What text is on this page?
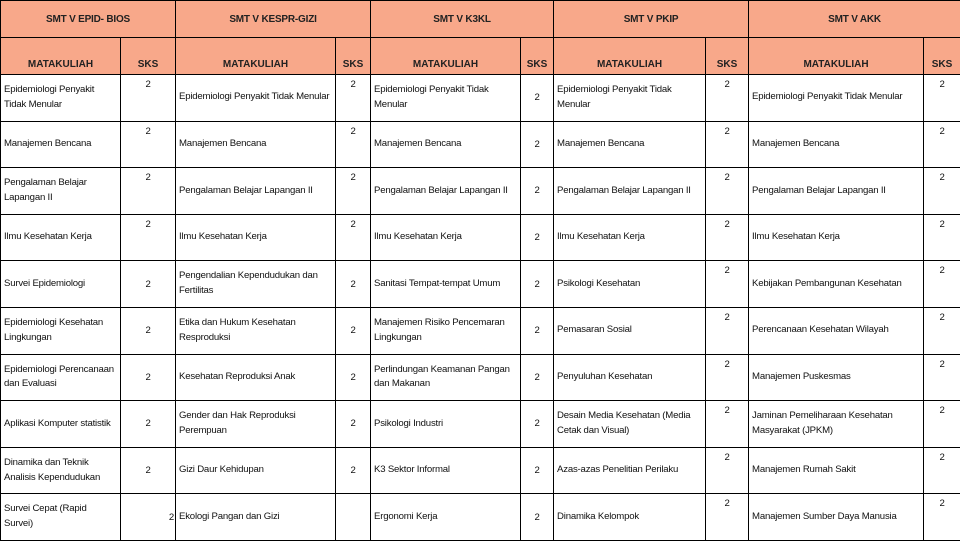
SMT V EPID- BIOS		SMT V KESPR-GIZI		SMT V K3KL		SMT V PKIP		SMT V AKK	
MATAKULIAH	SKS	MATAKULIAH	SKS	MATAKULIAH	SKS	MATAKULIAH	SKS	MATAKULIAH	SKS
Epidemiologi Penyakit Tidak Menular	2	Epidemiologi Penyakit Tidak Menular	2	Epidemiologi Penyakit Tidak Menular	2	Epidemiologi Penyakit Tidak Menular	2	Epidemiologi Penyakit Tidak Menular	2
Manajemen Bencana	2	Manajemen Bencana	2	Manajemen Bencana	2	Manajemen Bencana	2	Manajemen Bencana	2
Pengalaman Belajar Lapangan II	2	Pengalaman Belajar Lapangan II	2	Pengalaman Belajar Lapangan II	2	Pengalaman Belajar Lapangan II	2	Pengalaman Belajar Lapangan II	2
Ilmu Kesehatan Kerja	2	Ilmu Kesehatan Kerja	2	Ilmu Kesehatan Kerja	2	Ilmu Kesehatan Kerja	2	Ilmu Kesehatan Kerja	2
Survei Epidemiologi	2	Pengendalian Kependudukan dan Fertilitas	2	Sanitasi Tempat-tempat Umum	2	Psikologi Kesehatan	2	Kebijakan Pembangunan Kesehatan	2
Epidemiologi Kesehatan Lingkungan	2	Etika dan Hukum Kesehatan Resproduksi	2	Manajemen Risiko Pencemaran Lingkungan	2	Pemasaran Sosial	2	Perencanaan Kesehatan Wilayah	2
Epidemiologi Perencanaan dan Evaluasi	2	Kesehatan Reproduksi Anak	2	Perlindungan Keamanan Pangan dan Makanan	2	Penyuluhan Kesehatan	2	Manajemen Puskesmas	2
Aplikasi Komputer statistik	2	Gender dan Hak Reproduksi Perempuan	2	Psikologi Industri	2	Desain Media Kesehatan (Media Cetak dan Visual)	2	Jaminan Pemeliharaan Kesehatan Masyarakat (JPKM)	2
Dinamika dan Teknik Analisis Kependudukan	2	Gizi Daur Kehidupan	2	K3 Sektor Informal	2	Azas-azas Penelitian Perilaku	2	Manajemen Rumah Sakit	2
Survei Cepat (Rapid Survei)	2	Ekologi Pangan dan Gizi		Ergonomi Kerja	2	Dinamika Kelompok	2	Manajemen Sumber Daya Manusia	2
